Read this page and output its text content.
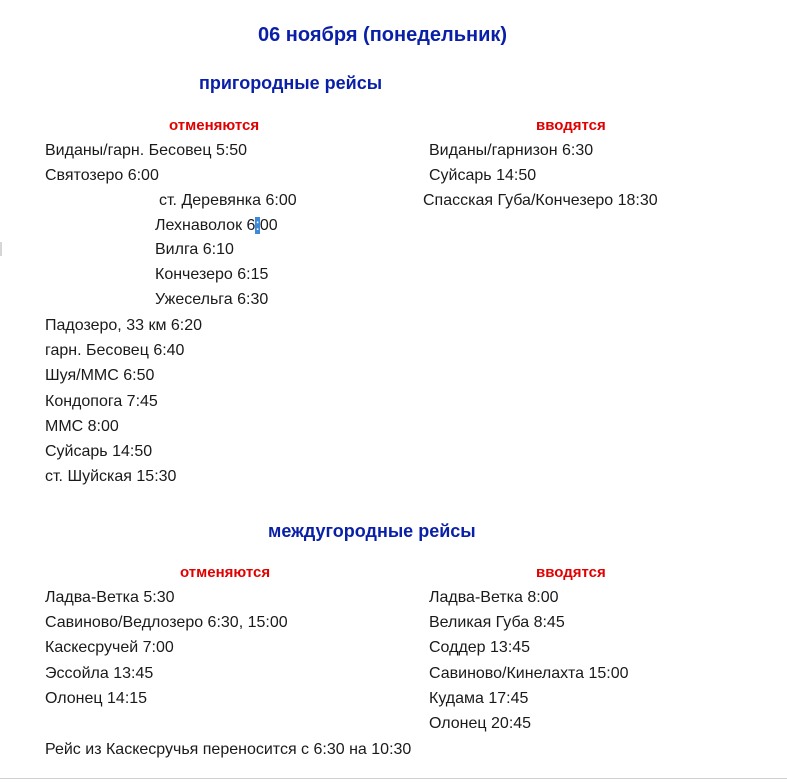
06 ноября (понедельник)
пригородные рейсы
отменяются	вводятся
Виданы/гарн. Бесовец 5:50
Святозеро 6:00
ст. Деревянка 6:00
Лехнаволок 6:00
Вилга 6:10
Кончезеро 6:15
Ужесельга 6:30
Падозеро, 33 км 6:20
гарн. Бесовец 6:40
Шуя/ММС 6:50
Кондопога 7:45
ММС 8:00
Суйсарь 14:50
ст. Шуйская 15:30
Виданы/гарнизон 6:30
Суйсарь 14:50
Спасская Губа/Кончезеро 18:30
междугородные рейсы
отменяются	вводятся
Ладва-Ветка 5:30
Савиново/Ведлозеро 6:30, 15:00
Каскесручей 7:00
Эссойла 13:45
Олонец 14:15
Ладва-Ветка 8:00
Великая Губа 8:45
Соддер 13:45
Савиново/Кинелахта 15:00
Кудама 17:45
Олонец 20:45
Рейс из Каскесручья переносится с 6:30 на 10:30
